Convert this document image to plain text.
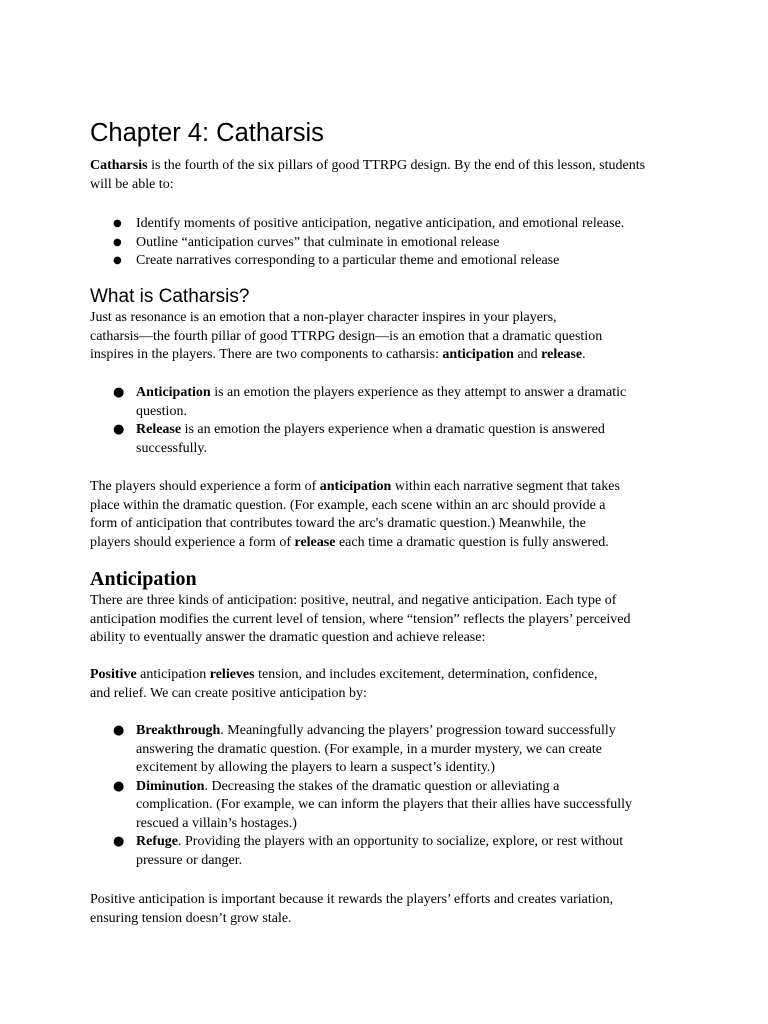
Chapter 4: Catharsis
Catharsis is the fourth of the six pillars of good TTRPG design. By the end of this lesson, students
will be able to:
● Identify moments of positive anticipation, negative anticipation, and emotional release.
● Outline “anticipation curves” that culminate in emotional release
● Create narratives corresponding to a particular theme and emotional release
What is Catharsis?
Just as resonance is an emotion that a non-player character inspires in your players,
catharsis—the fourth pillar of good TTRPG design—is an emotion that a dramatic question
inspires in the players. There are two components to catharsis: anticipation and release.
● Anticipation is an emotion the players experience as they attempt to answer a dramatic
question.
● Release is an emotion the players experience when a dramatic question is answered
successfully.
The players should experience a form of anticipation within each narrative segment that takes
place within the dramatic question. (For example, each scene within an arc should provide a
form of anticipation that contributes toward the arc's dramatic question.) Meanwhile, the
players should experience a form of release each time a dramatic question is fully answered.
Anticipation
There are three kinds of anticipation: positive, neutral, and negative anticipation. Each type of
anticipation modifies the current level of tension, where “tension” reflects the players’ perceived
ability to eventually answer the dramatic question and achieve release:
Positive anticipation relieves tension, and includes excitement, determination, confidence,
and relief. We can create positive anticipation by:
● Breakthrough. Meaningfully advancing the players’ progression toward successfully
answering the dramatic question. (For example, in a murder mystery, we can create
excitement by allowing the players to learn a suspect’s identity.)
● Diminution. Decreasing the stakes of the dramatic question or alleviating a
complication. (For example, we can inform the players that their allies have successfully
rescued a villain’s hostages.)
● Refuge. Providing the players with an opportunity to socialize, explore, or rest without
pressure or danger.
Positive anticipation is important because it rewards the players’ efforts and creates variation,
ensuring tension doesn’t grow stale.
